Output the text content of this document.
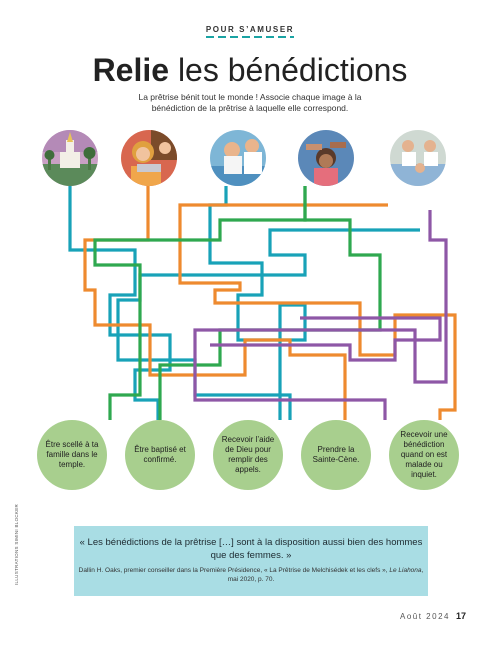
POUR S’AMUSER
Relie les bénédictions
La prêtrise bénit tout le monde ! Associe chaque image à la bénédiction de la prêtrise à laquelle elle correspond.
Être scellé à ta famille dans le temple.
Être baptisé et confirmé.
Recevoir l’aide de Dieu pour remplir des appels.
Prendre la Sainte-Cène.
Recevoir une bénédiction quand on est malade ou inquiet.
« Les bénédictions de la prêtrise […] sont à la disposition aussi bien des hommes que des femmes. »
Dallin H. Oaks, premier conseiller dans la Première Présidence, « La Prêtrise de Melchisédek et les clefs », Le Liahona, mai 2020, p. 70.
ILLUSTRATIONS SIMINI BLOCKER
Août 2024 17
